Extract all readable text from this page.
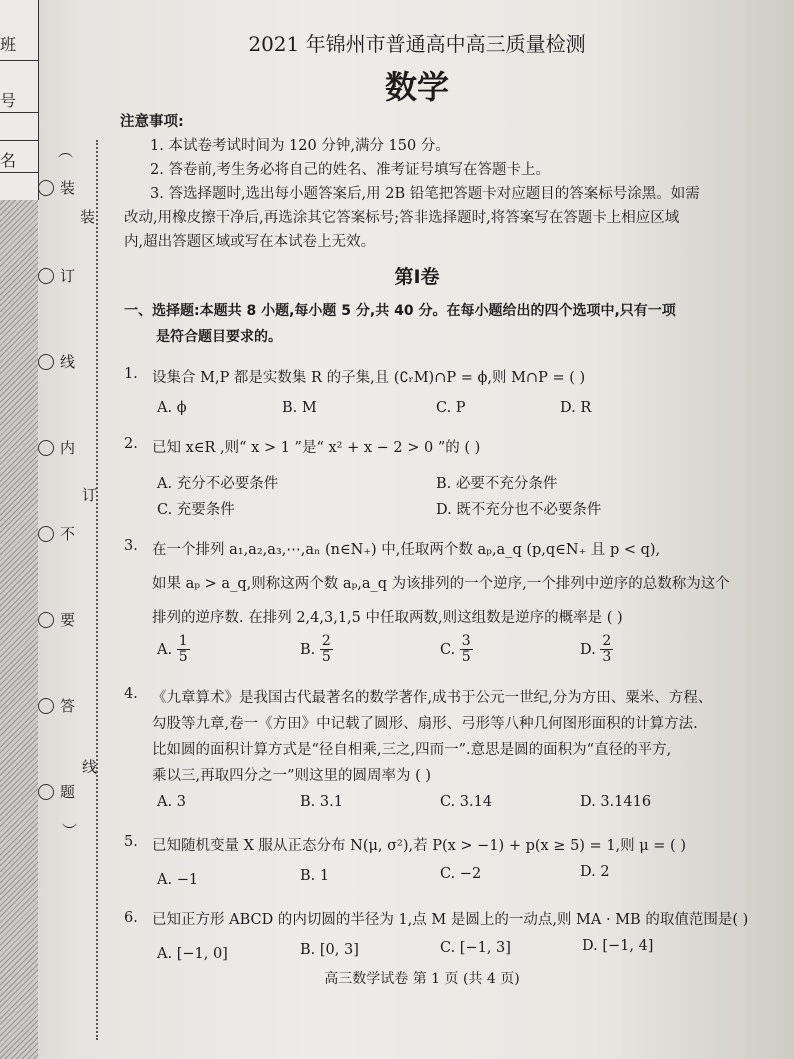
班
号
名	︵
装
订
线
︶
装
订
线
内
不
要
答
题
2021 年锦州市普通高中高三质量检测
数学
注意事项:
1. 本试卷考试时间为 120 分钟,满分 150 分。
2. 答卷前,考生务必将自己的姓名、准考证号填写在答题卡上。
3. 答选择题时,选出每小题答案后,用 2B 铅笔把答题卡对应题目的答案标号涂黑。如需
改动,用橡皮擦干净后,再选涂其它答案标号;答非选择题时,将答案写在答题卡上相应区域
内,超出答题区域或写在本试卷上无效。
第Ⅰ卷
一、选择题:本题共 8 小题,每小题 5 分,共 40 分。在每小题给出的四个选项中,只有一项
是符合题目要求的。
1. 设集合 M,P 都是实数集 R 的子集,且 (∁ᵣM)∩P = ϕ,则 M∩P = ( )
A. ϕ	B. M	C. P	D. R
2. 已知 x∈R ,则“ x > 1 ”是“ x² + x − 2 > 0 ”的 ( )
A. 充分不必要条件	B. 必要不充分条件
C. 充要条件	D. 既不充分也不必要条件
3. 在一个排列 a₁,a₂,a₃,⋯,aₙ (n∈N₊) 中,任取两个数 aₚ,a_q (p,q∈N₊ 且 p < q),
如果 aₚ > a_q,则称这两个数 aₚ,a_q 为该排列的一个逆序,一个排列中逆序的总数称为这个
排列的逆序数. 在排列 2,4,3,1,5 中任取两数,则这组数是逆序的概率是 ( )
A. $\frac{1}{5}$	B. $\frac{2}{5}$	C. $\frac{3}{5}$	D. $\frac{2}{3}$
4. 《九章算术》是我国古代最著名的数学著作,成书于公元一世纪,分为方田、粟米、方程、
勾股等九章,卷一《方田》中记载了圆形、扇形、弓形等八种几何图形面积的计算方法.
比如圆的面积计算方式是“径自相乘,三之,四而一”.意思是圆的面积为“直径的平方,
乘以三,再取四分之一”则这里的圆周率为 ( )
A. 3	B. 3.1	C. 3.14	D. 3.1416
5. 已知随机变量 X 服从正态分布 N(μ, σ²),若 P(x > −1) + p(x ≥ 5) = 1,则 μ = ( )
A. −1	B. 1	C. −2	D. 2
6. 已知正方形 ABCD 的内切圆的半径为 1,点 M 是圆上的一动点,则 MA · MB 的取值范围是( )
A. [−1, 0]	B. [0, 3]	C. [−1, 3]	D. [−1, 4]
高三数学试卷 第 1 页 (共 4 页)
